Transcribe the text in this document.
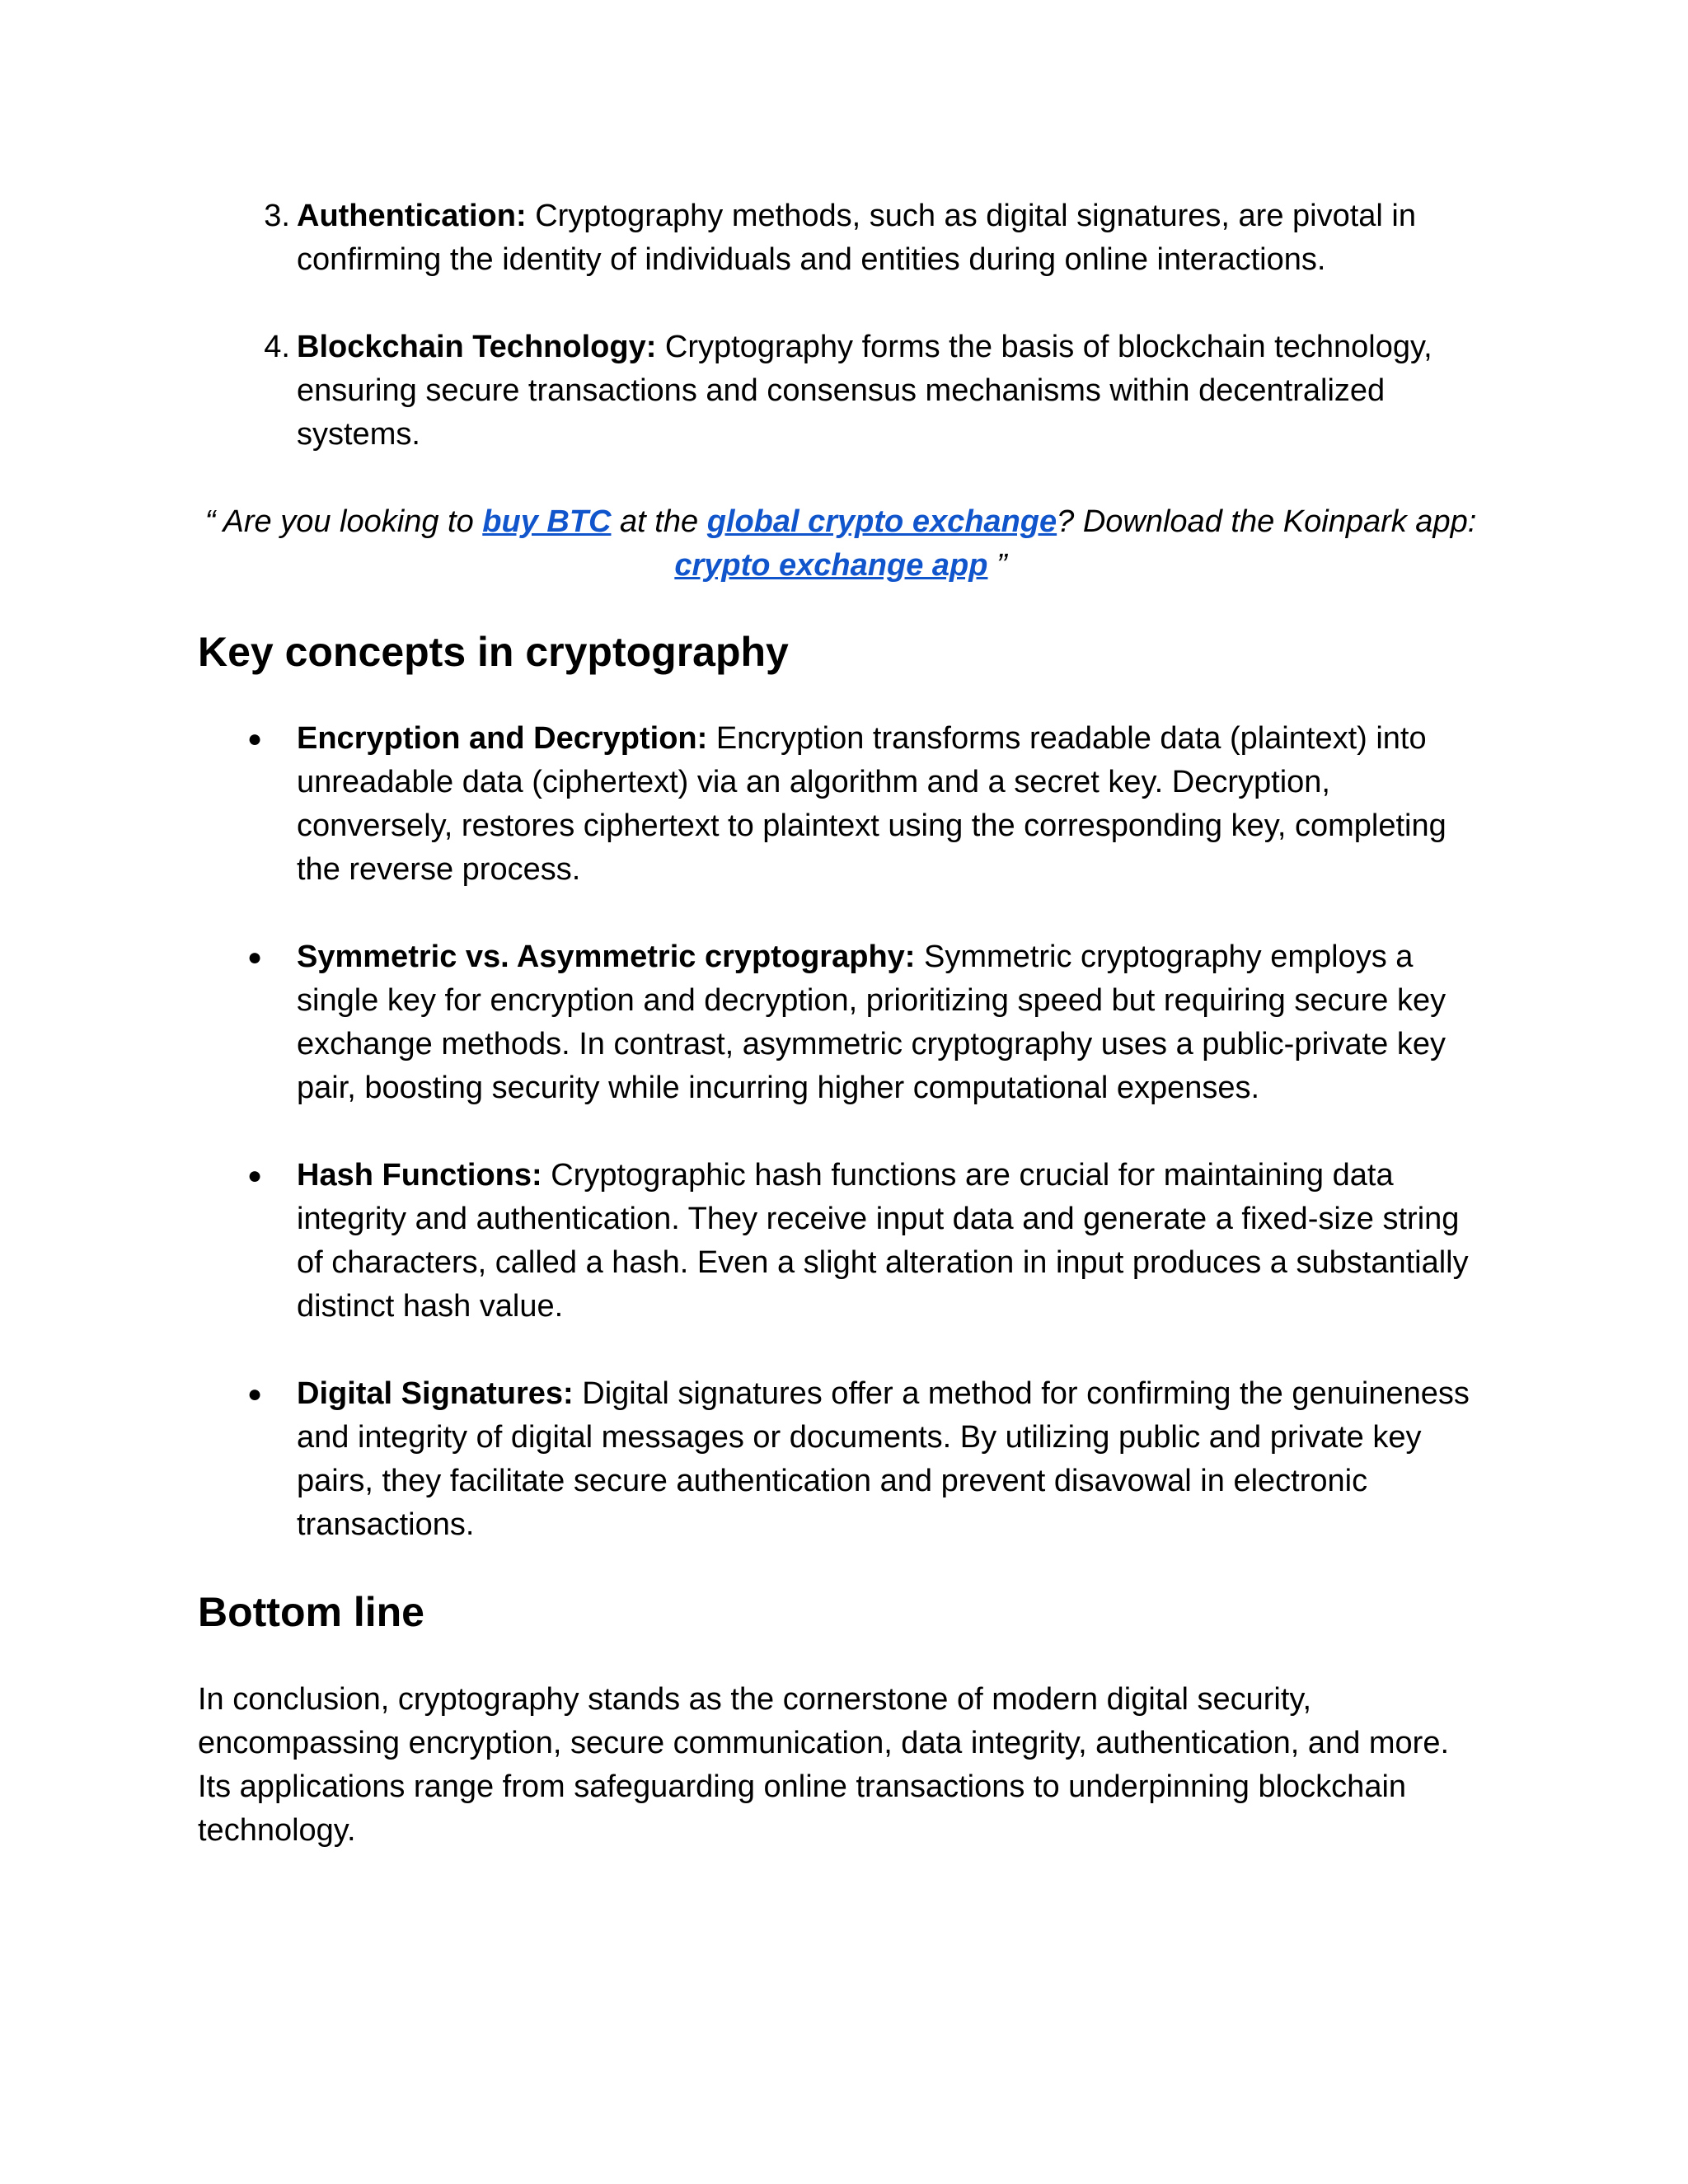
3. Authentication: Cryptography methods, such as digital signatures, are pivotal in confirming the identity of individuals and entities during online interactions.
4. Blockchain Technology: Cryptography forms the basis of blockchain technology, ensuring secure transactions and consensus mechanisms within decentralized systems.

“ Are you looking to buy BTC at the global crypto exchange? Download the Koinpark app: crypto exchange app ”

Key concepts in cryptography
●	Encryption and Decryption: Encryption transforms readable data (plaintext) into unreadable data (ciphertext) via an algorithm and a secret key. Decryption, conversely, restores ciphertext to plaintext using the corresponding key, completing the reverse process.
●	Symmetric vs. Asymmetric cryptography: Symmetric cryptography employs a single key for encryption and decryption, prioritizing speed but requiring secure key exchange methods. In contrast, asymmetric cryptography uses a public-private key pair, boosting security while incurring higher computational expenses.
●	Hash Functions: Cryptographic hash functions are crucial for maintaining data integrity and authentication. They receive input data and generate a fixed-size string of characters, called a hash. Even a slight alteration in input produces a substantially distinct hash value.
●	Digital Signatures: Digital signatures offer a method for confirming the genuineness and integrity of digital messages or documents. By utilizing public and private key pairs, they facilitate secure authentication and prevent disavowal in electronic transactions.
Bottom line

In conclusion, cryptography stands as the cornerstone of modern digital security, encompassing encryption, secure communication, data integrity, authentication, and more. Its applications range from safeguarding online transactions to underpinning blockchain technology.
